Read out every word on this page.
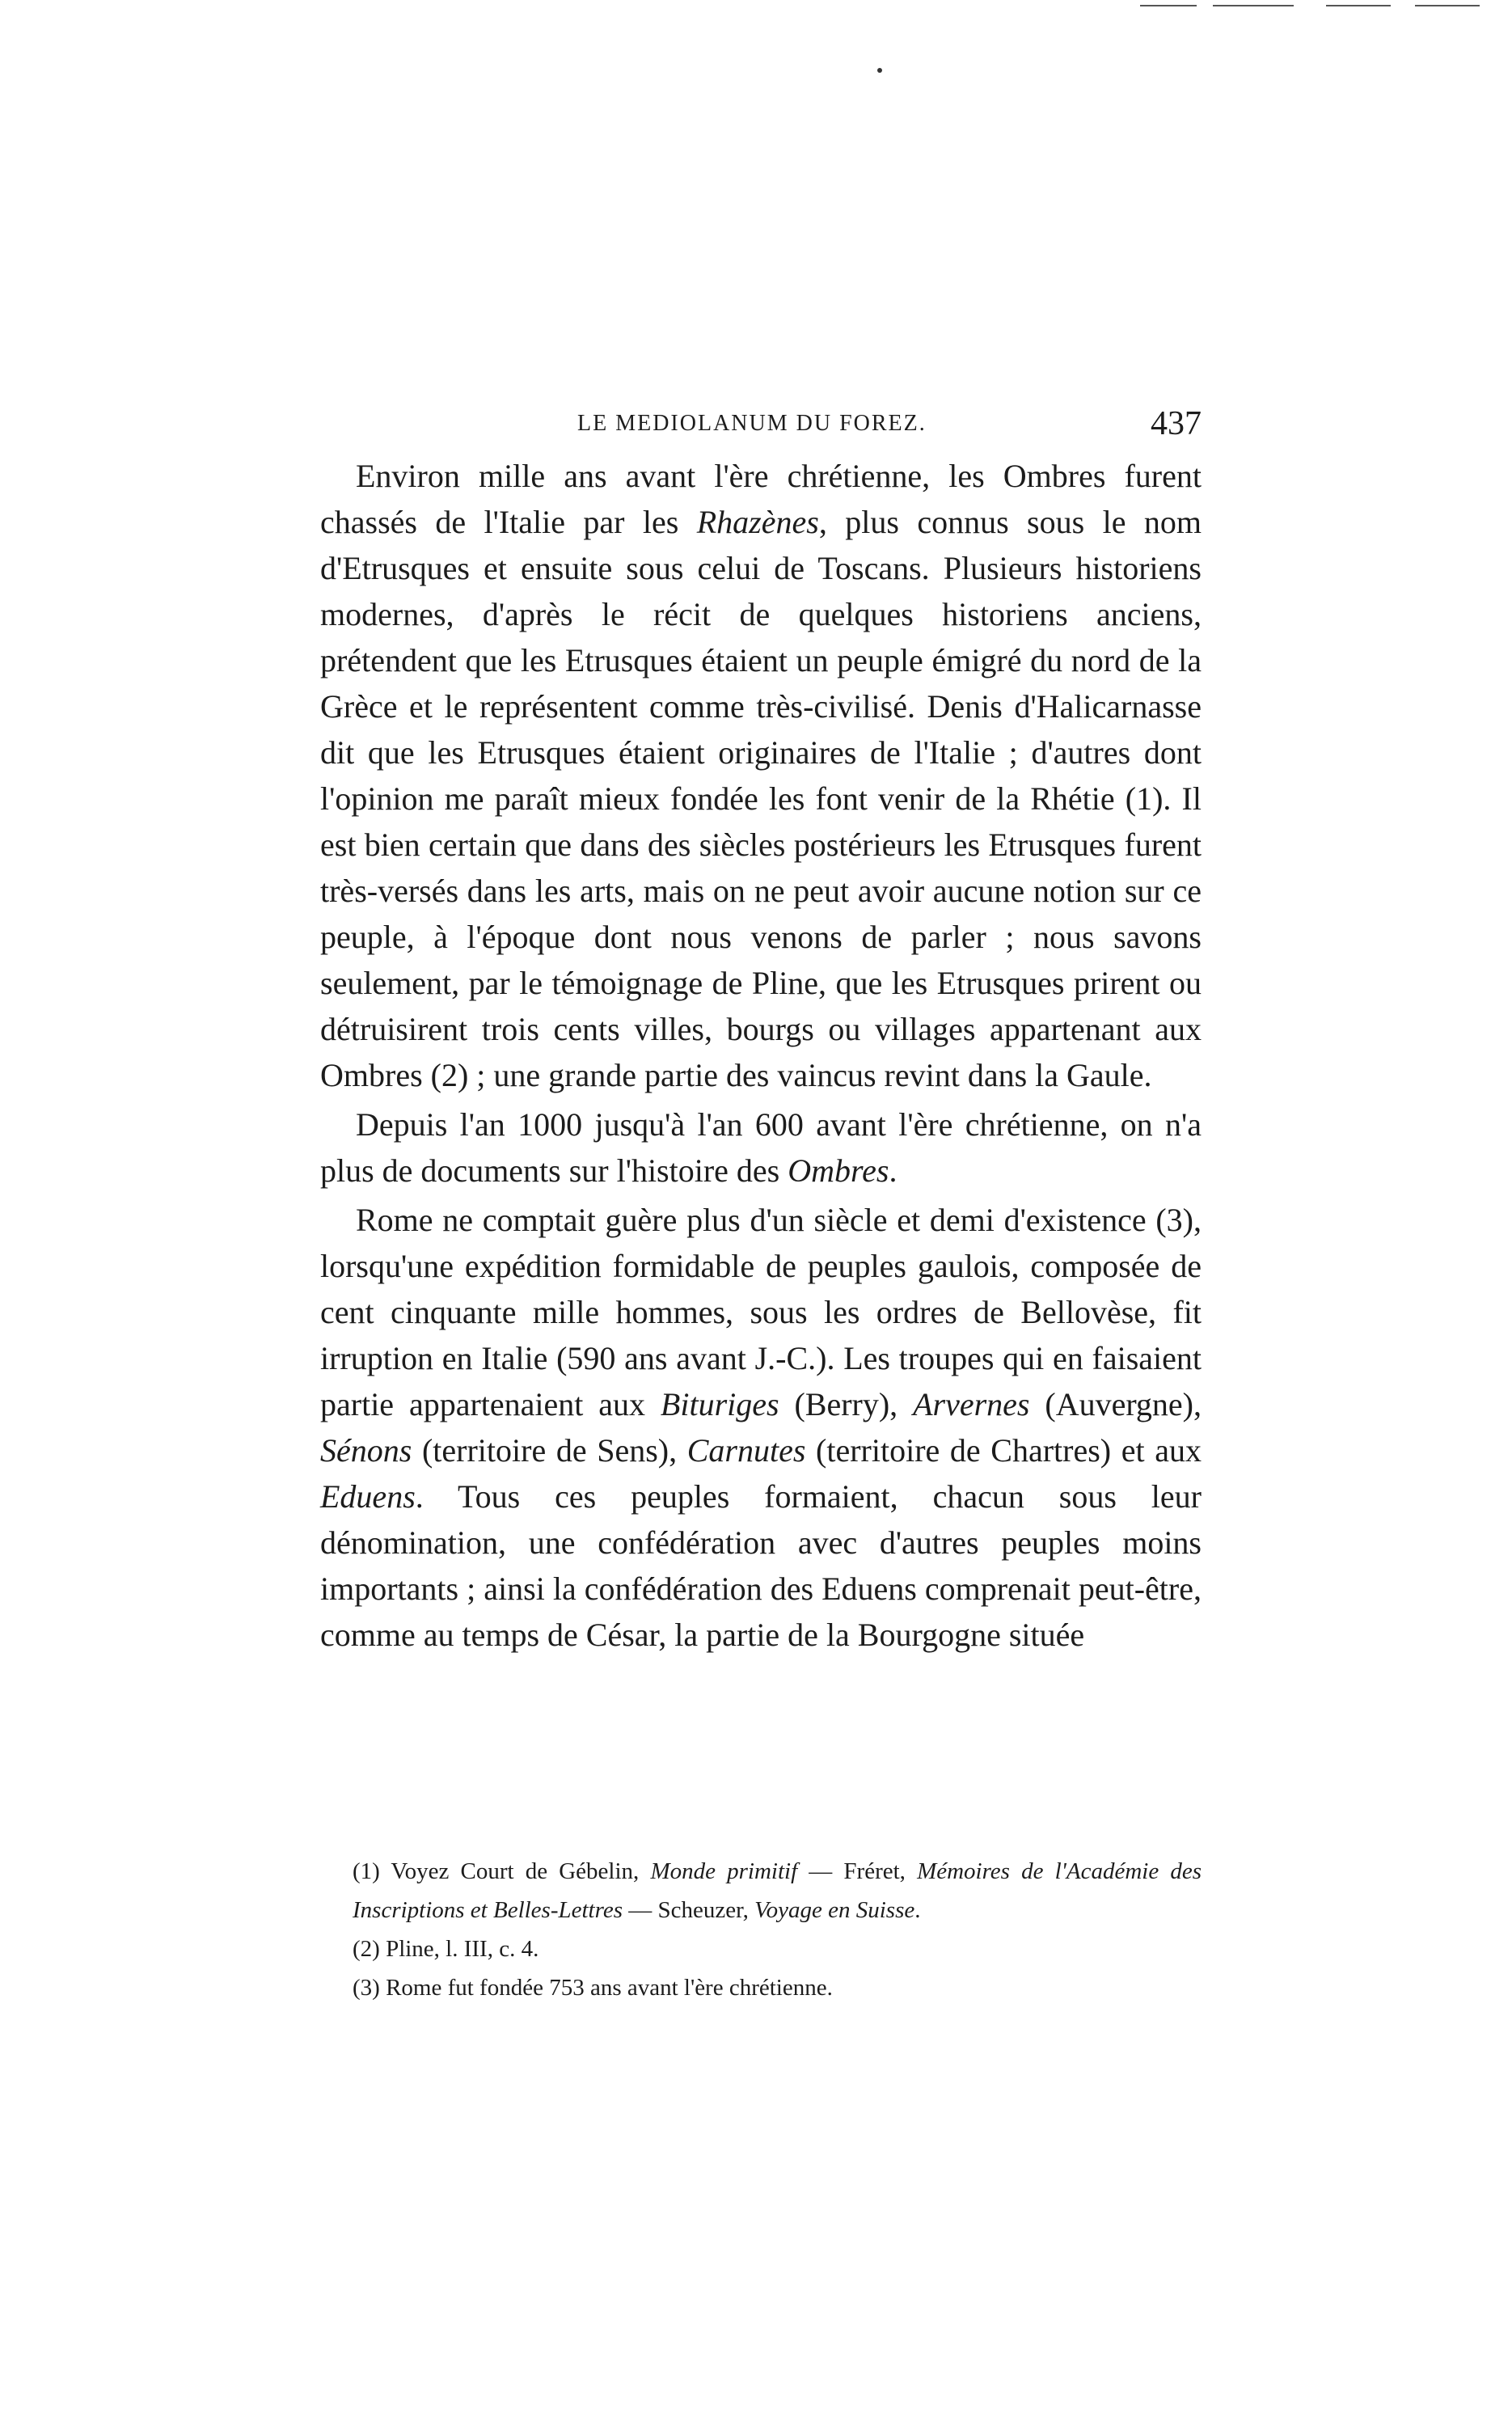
LE MEDIOLANUM DU FOREZ.	437

Environ mille ans avant l'ère chrétienne, les Ombres furent chassés de l'Italie par les Rhazènes, plus connus sous le nom d'Etrusques et ensuite sous celui de Toscans. Plusieurs historiens modernes, d'après le récit de quelques historiens anciens, prétendent que les Etrusques étaient un peuple émigré du nord de la Grèce et le représentent comme très-civilisé. Denis d'Halicarnasse dit que les Etrusques étaient originaires de l'Italie ; d'autres dont l'opinion me paraît mieux fondée les font venir de la Rhétie (1). Il est bien certain que dans des siècles postérieurs les Etrusques furent très-versés dans les arts, mais on ne peut avoir aucune notion sur ce peuple, à l'époque dont nous venons de parler ; nous savons seulement, par le témoignage de Pline, que les Etrusques prirent ou détruisirent trois cents villes, bourgs ou villages appartenant aux Ombres (2) ; une grande partie des vaincus revint dans la Gaule.

Depuis l'an 1000 jusqu'à l'an 600 avant l'ère chrétienne, on n'a plus de documents sur l'histoire des Ombres.

Rome ne comptait guère plus d'un siècle et demi d'existence (3), lorsqu'une expédition formidable de peuples gaulois, composée de cent cinquante mille hommes, sous les ordres de Bellovèse, fit irruption en Italie (590 ans avant J.-C.). Les troupes qui en faisaient partie appartenaient aux Bituriges (Berry), Arvernes (Auvergne), Sénons (territoire de Sens), Carnutes (territoire de Chartres) et aux Eduens. Tous ces peuples formaient, chacun sous leur dénomination, une confédération avec d'autres peuples moins importants ; ainsi la confédération des Eduens comprenait peut-être, comme au temps de César, la partie de la Bourgogne située

(1) Voyez Court de Gébelin, Monde primitif — Fréret, Mémoires de l'Académie des Inscriptions et Belles-Lettres — Scheuzer, Voyage en Suisse.

(2) Pline, l. III, c. 4.

(3) Rome fut fondée 753 ans avant l'ère chrétienne.
